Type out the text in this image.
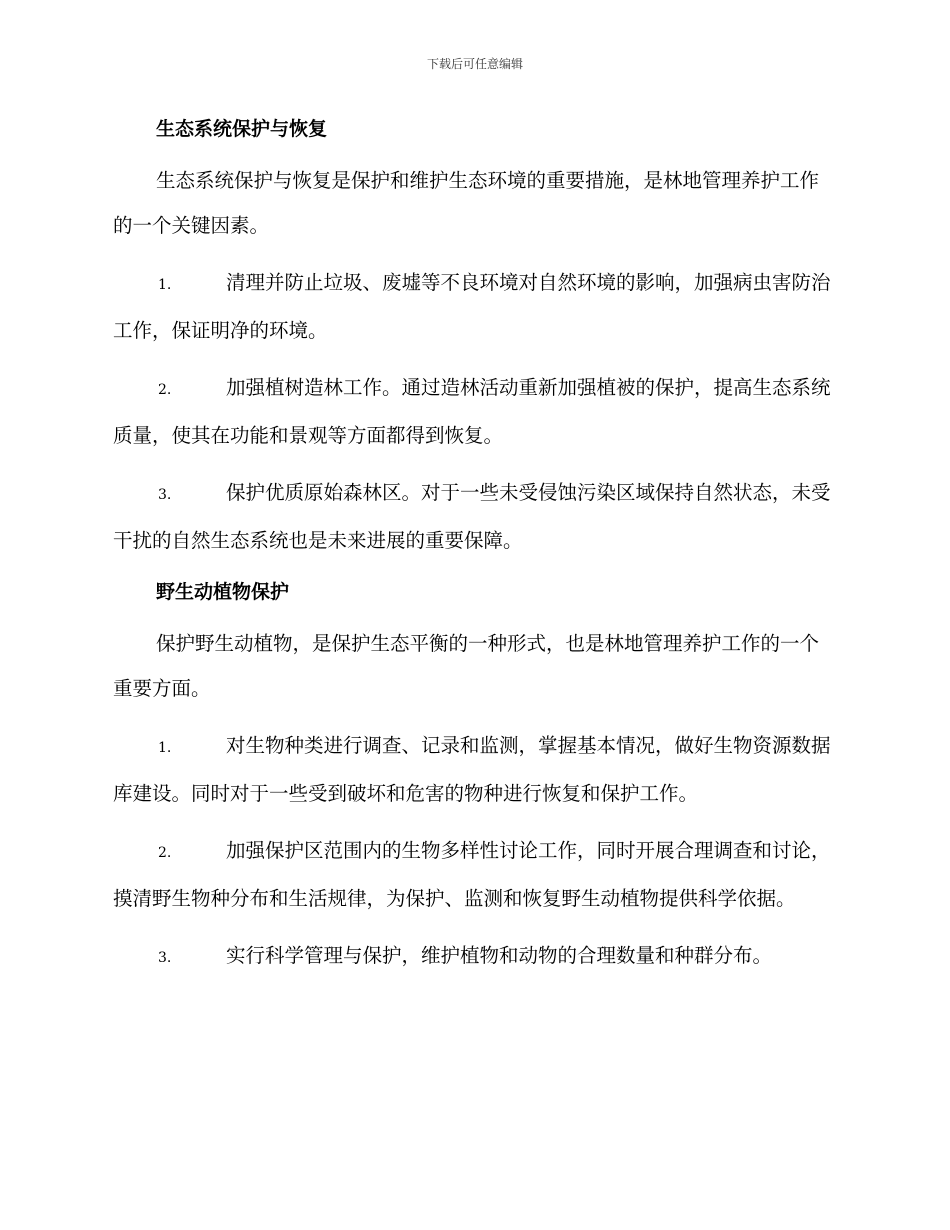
下载后可任意编辑

生态系统保护与恢复

生态系统保护与恢复是保护和维护生态环境的重要措施，是林地管理养护工作的一个关键因素。

1.	清理并防止垃圾、废墟等不良环境对自然环境的影响，加强病虫害防治工作，保证明净的环境。

2.	加强植树造林工作。通过造林活动重新加强植被的保护，提高生态系统质量，使其在功能和景观等方面都得到恢复。

3.	保护优质原始森林区。对于一些未受侵蚀污染区域保持自然状态，未受干扰的自然生态系统也是未来进展的重要保障。

野生动植物保护

保护野生动植物，是保护生态平衡的一种形式，也是林地管理养护工作的一个重要方面。

1.	对生物种类进行调查、记录和监测，掌握基本情况，做好生物资源数据库建设。同时对于一些受到破坏和危害的物种进行恢复和保护工作。

2.	加强保护区范围内的生物多样性讨论工作，同时开展合理调查和讨论，摸清野生物种分布和生活规律，为保护、监测和恢复野生动植物提供科学依据。

3.	实行科学管理与保护，维护植物和动物的合理数量和种群分布。
